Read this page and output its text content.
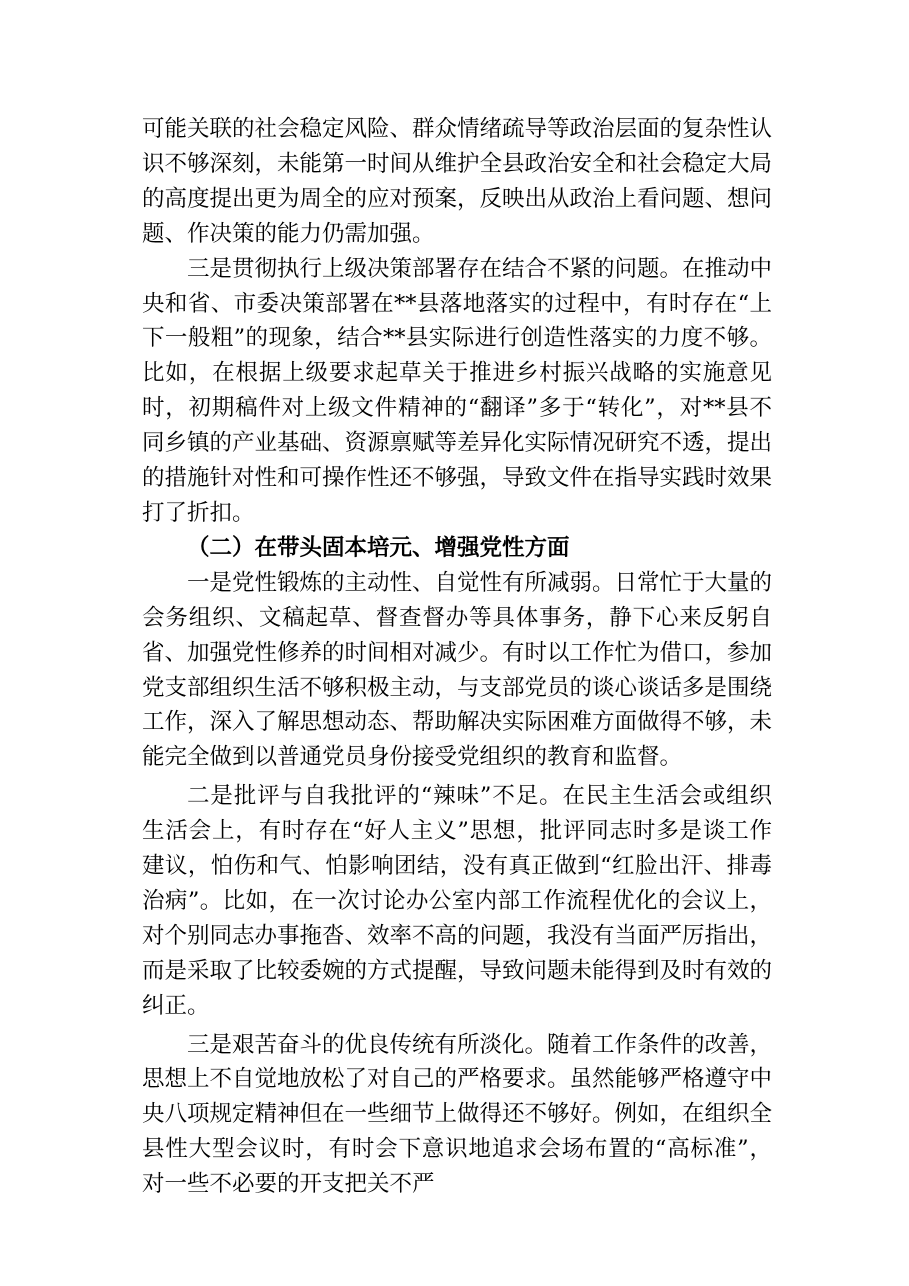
可能关联的社会稳定风险、群众情绪疏导等政治层面的复杂性认识不够深刻，未能第一时间从维护全县政治安全和社会稳定大局的高度提出更为周全的应对预案，反映出从政治上看问题、想问题、作决策的能力仍需加强。

三是贯彻执行上级决策部署存在结合不紧的问题。在推动中央和省、市委决策部署在**县落地落实的过程中，有时存在“上下一般粗”的现象，结合**县实际进行创造性落实的力度不够。比如，在根据上级要求起草关于推进乡村振兴战略的实施意见时，初期稿件对上级文件精神的“翻译”多于“转化”，对**县不同乡镇的产业基础、资源禀赋等差异化实际情况研究不透，提出的措施针对性和可操作性还不够强，导致文件在指导实践时效果打了折扣。

（二）在带头固本培元、增强党性方面

一是党性锻炼的主动性、自觉性有所减弱。日常忙于大量的会务组织、文稿起草、督查督办等具体事务，静下心来反躬自省、加强党性修养的时间相对减少。有时以工作忙为借口，参加党支部组织生活不够积极主动，与支部党员的谈心谈话多是围绕工作，深入了解思想动态、帮助解决实际困难方面做得不够，未能完全做到以普通党员身份接受党组织的教育和监督。

二是批评与自我批评的“辣味”不足。在民主生活会或组织生活会上，有时存在“好人主义”思想，批评同志时多是谈工作建议，怕伤和气、怕影响团结，没有真正做到“红脸出汗、排毒治病”。比如，在一次讨论办公室内部工作流程优化的会议上，对个别同志办事拖沓、效率不高的问题，我没有当面严厉指出，而是采取了比较委婉的方式提醒，导致问题未能得到及时有效的纠正。

三是艰苦奋斗的优良传统有所淡化。随着工作条件的改善，思想上不自觉地放松了对自己的严格要求。虽然能够严格遵守中央八项规定精神但在一些细节上做得还不够好。例如，在组织全县性大型会议时，有时会下意识地追求会场布置的“高标准”，对一些不必要的开支把关不严
